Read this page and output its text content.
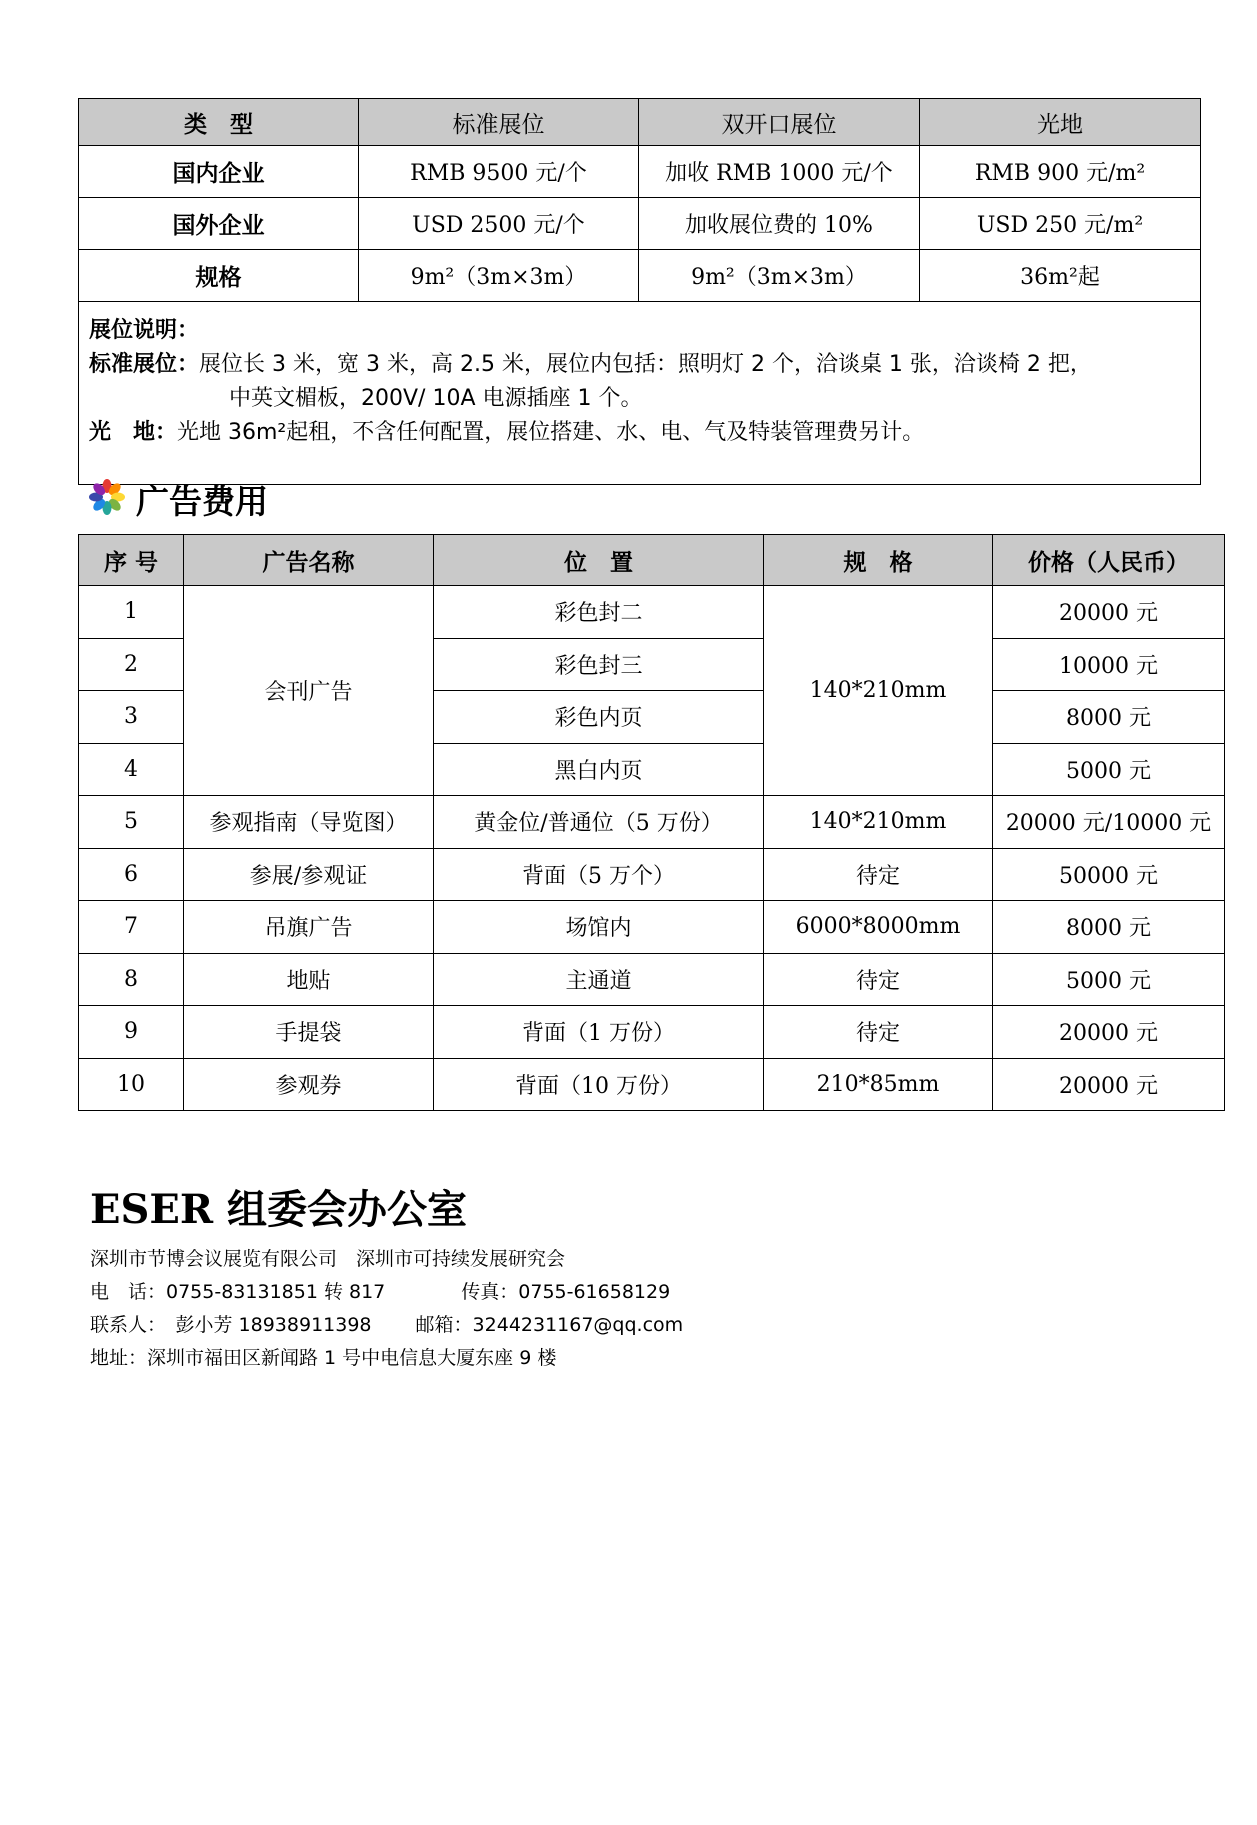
类　型	标准展位	双开口展位	光地
国内企业	RMB 9500 元/个	加收 RMB 1000 元/个	RMB 900 元/m²
国外企业	USD 2500 元/个	加收展位费的 10%	USD 250 元/m²
规格	9m²（3m×3m）	9m²（3m×3m）	36m²起
展位说明：
标准展位：展位长 3 米，宽 3 米，高 2.5 米，展位内包括：照明灯 2 个，洽谈桌 1 张，洽谈椅 2 把，
中英文楣板，200V/ 10A 电源插座 1 个。
光　地：光地 36m²起租，不含任何配置，展位搭建、水、电、气及特装管理费另计。			
广告费用
序 号	广告名称	位　置	规　格	价格（人民币）
1	会刊广告	彩色封二	140*210mm	20000 元
2		彩色封三		10000 元
3		彩色内页		8000 元
4		黑白内页		5000 元
5	参观指南（导览图）	黄金位/普通位（5 万份）	140*210mm	20000 元/10000 元
6	参展/参观证	背面（5 万个）	待定	50000 元
7	吊旗广告	场馆内	6000*8000mm	8000 元
8	地贴	主通道	待定	5000 元
9	手提袋	背面（1 万份）	待定	20000 元
10	参观券	背面（10 万份）	210*85mm	20000 元
ESER 组委会办公室
深圳市节博会议展览有限公司　深圳市可持续发展研究会
电　话：0755-83131851 转 817　　　　传真：0755-61658129
联系人：　彭小芳 18938911398　　 邮箱：3244231167@qq.com
地址：深圳市福田区新闻路 1 号中电信息大厦东座 9 楼
